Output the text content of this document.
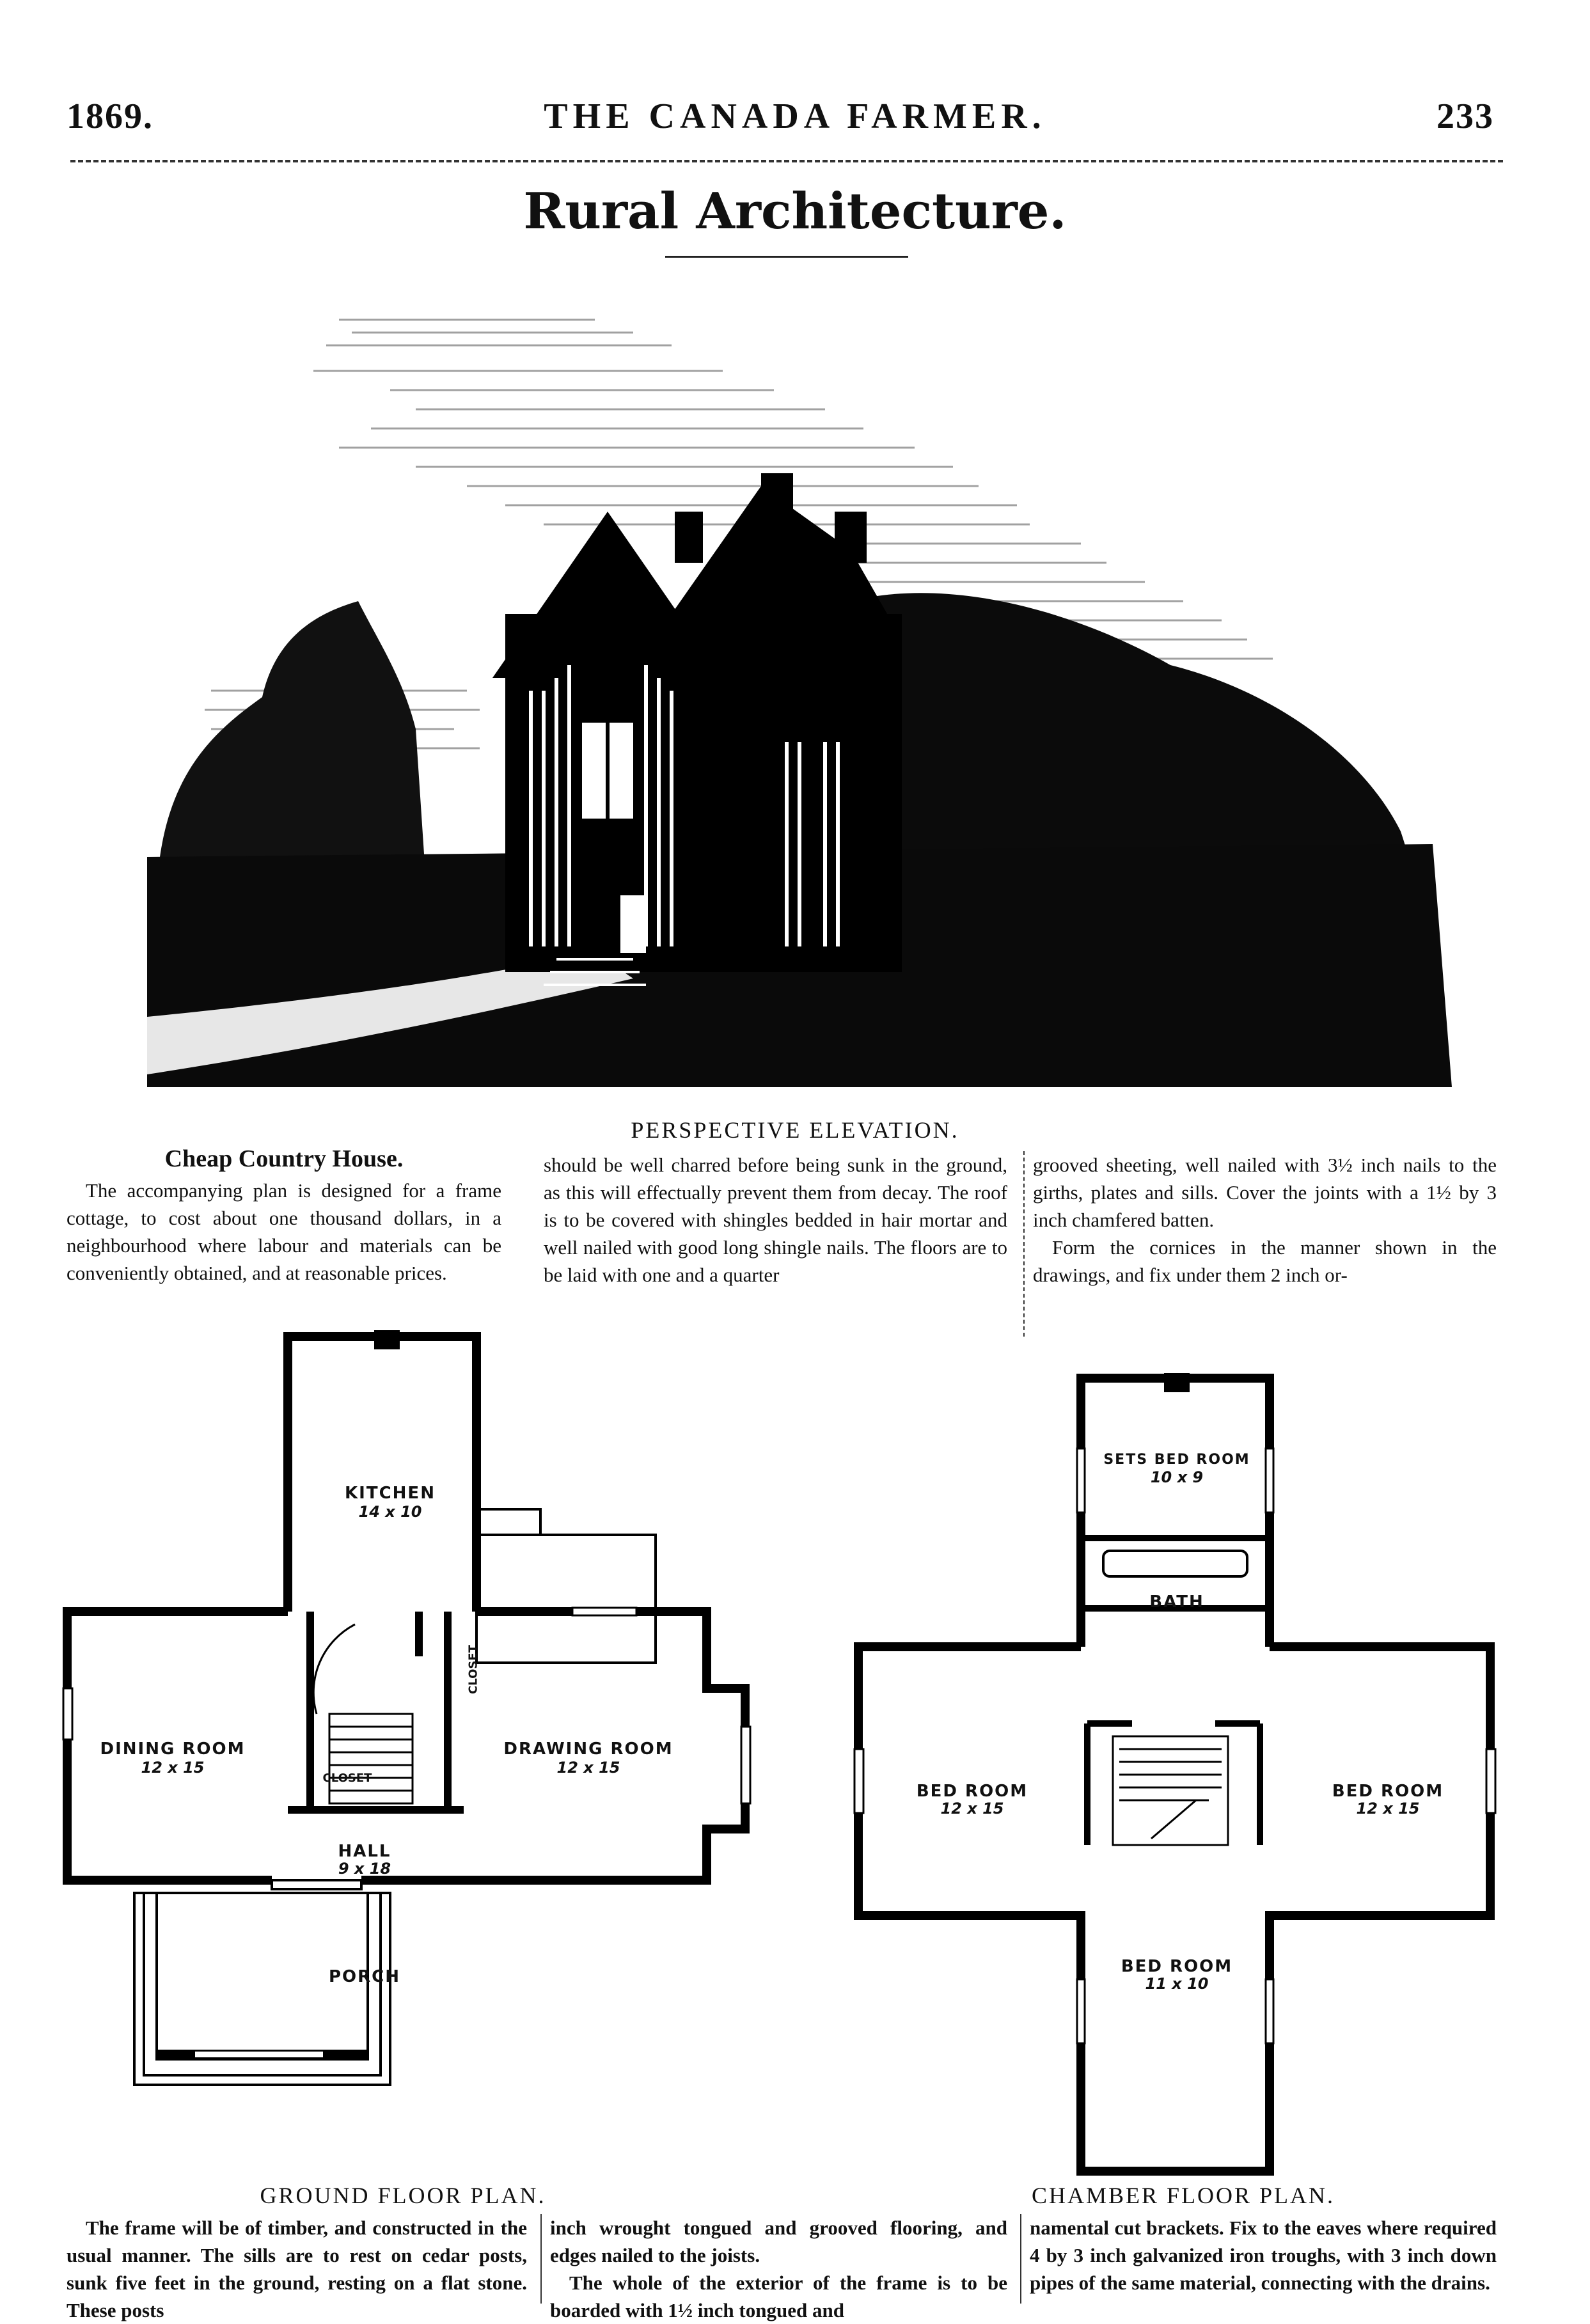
1869.	THE CANADA FARMER.	233
Rural Architecture.
PERSPECTIVE ELEVATION.
Cheap Country House.

The accompanying plan is designed for a frame cottage, to cost about one thousand dollars, in a neighbourhood where labour and materials can be conveniently obtained, and at reasonable prices.

should be well charred before being sunk in the ground, as this will effectually prevent them from decay. The roof is to be covered with shingles bedded in hair mortar and well nailed with good long shingle nails. The floors are to be laid with one and a quarter

grooved sheeting, well nailed with 3½ inch nails to the girths, plates and sills. Cover the joints with a 1½ by 3 inch chamfered batten.

Form the cornices in the manner shown in the drawings, and fix under them 2 inch or-

KITCHEN
14 x 10
DINING ROOM
12 x 15
DRAWING ROOM
12 x 15
HALL
9 x 18
PORCH
CLOSET
CLOSET
GROUND FLOOR PLAN.
SETS BED ROOM
10 x 9
BATH
BED ROOM
12 x 15
BED ROOM
12 x 15
BED ROOM
11 x 10
CHAMBER FLOOR PLAN.

The frame will be of timber, and constructed in the usual manner. The sills are to rest on cedar posts, sunk five feet in the ground, resting on a flat stone. These posts

inch wrought tongued and grooved flooring, and edges nailed to the joists.

The whole of the exterior of the frame is to be boarded with 1½ inch tongued and

namental cut brackets. Fix to the eaves where required 4 by 3 inch galvanized iron troughs, with 3 inch down pipes of the same material, connecting with the drains.
